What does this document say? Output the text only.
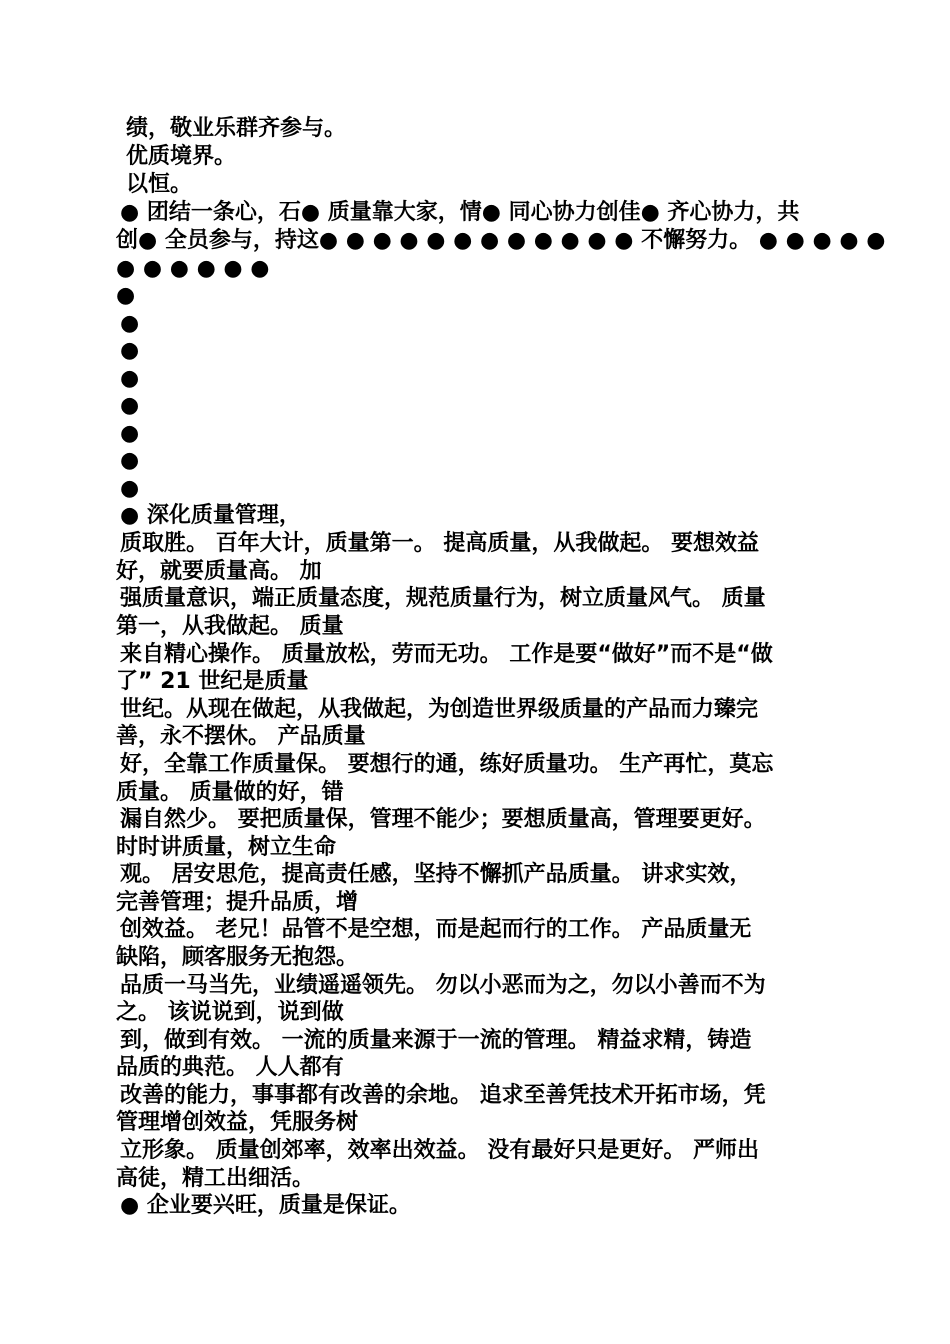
绩，敬业乐群齐参与。
优质境界。
以恒。
● 团结一条心，石● 质量靠大家，情● 同心协力创佳● 齐心协力，共
创● 全员参与，持这● ● ● ● ● ● ● ● ● ● ● ● 不懈努力。 ● ● ● ● ●
● ● ● ● ● ●
●
●
●
●
●
●
●
●
● 深化质量管理，
质取胜。 百年大计，质量第一。 提高质量，从我做起。 要想效益
好，就要质量高。 加
强质量意识，端正质量态度，规范质量行为，树立质量风气。 质量
第一，从我做起。 质量
来自精心操作。 质量放松，劳而无功。 工作是要“做好”而不是“做
了” 21 世纪是质量
世纪。从现在做起，从我做起，为创造世界级质量的产品而力臻完
善，永不摆休。 产品质量
好，全靠工作质量保。 要想行的通，练好质量功。 生产再忙，莫忘
质量。 质量做的好，错
漏自然少。 要把质量保，管理不能少；要想质量高，管理要更好。
时时讲质量，树立生命
观。 居安思危，提高责任感，坚持不懈抓产品质量。 讲求实效，
完善管理；提升品质，增
创效益。 老兄！品管不是空想，而是起而行的工作。 产品质量无
缺陷，顾客服务无抱怨。
品质一马当先，业绩遥遥领先。 勿以小恶而为之，勿以小善而不为
之。 该说说到，说到做
到，做到有效。 一流的质量来源于一流的管理。 精益求精，铸造
品质的典范。 人人都有
改善的能力，事事都有改善的余地。 追求至善凭技术开拓市场，凭
管理增创效益，凭服务树
立形象。 质量创郊率，效率出效益。 没有最好只是更好。 严师出
高徒，精工出细活。
● 企业要兴旺，质量是保证。
